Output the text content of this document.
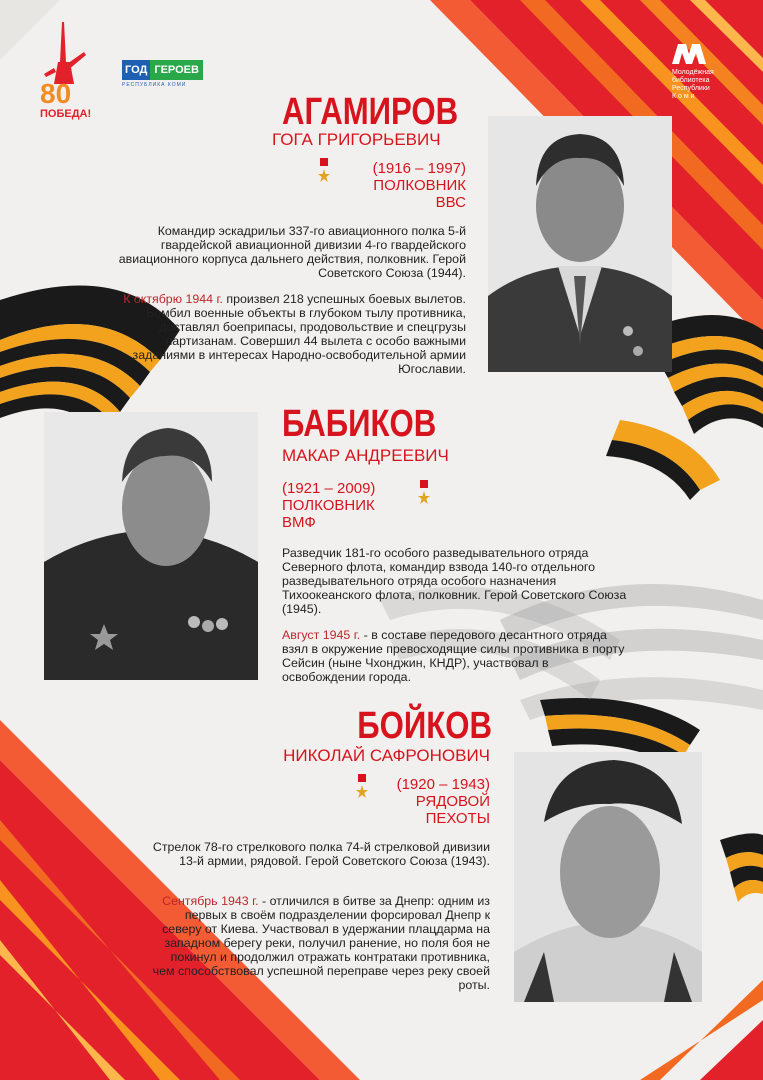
80
ПОБЕДА!
ГОД ГЕРОЕВ
РЕСПУБЛИКА КОМИ
Молодёжная
библиотека
Республики
К о м и
АГАМИРОВ
ГОГА ГРИГОРЬЕВИЧ
(1916 – 1997)
ПОЛКОВНИК
ВВС
Командир эскадрильи 337-го авиационного полка 5-й гвардейской авиационной дивизии 4-го гвардейского авиационного корпуса дальнего действия, полковник. Герой Советского Союза (1944).
К октябрю 1944 г. произвел 218 успешных боевых вылетов. Бомбил военные объекты в глубоком тылу противника, доставлял боеприпасы, продовольствие и спецгрузы партизанам. Совершил 44 вылета с особо важными заданиями в интересах Народно-освободительной армии Югославии.
БАБИКОВ
МАКАР АНДРЕЕВИЧ
(1921 – 2009)
ПОЛКОВНИК
ВМФ
Разведчик 181-го особого разведывательного отряда Северного флота, командир взвода 140-го отдельного разведывательного отряда особого назначения Тихоокеанского флота, полковник. Герой Советского Союза (1945).
Август 1945 г. - в составе передового десантного отряда взял в окружение превосходящие силы противника в порту Сейсин (ныне Чхонджин, КНДР), участвовал в освобождении города.
БОЙКОВ
НИКОЛАЙ САФРОНОВИЧ
(1920 – 1943)
РЯДОВОЙ
ПЕХОТЫ
Стрелок 78-го стрелкового полка 74-й стрелковой дивизии 13-й армии, рядовой. Герой Советского Союза (1943).
Сентябрь 1943 г. - отличился в битве за Днепр: одним из первых в своём подразделении форсировал Днепр к северу от Киева. Участвовал в удержании плацдарма на западном берегу реки, получил ранение, но поля боя не покинул и продолжил отражать контратаки противника, чем способствовал успешной переправе через реку своей роты.
